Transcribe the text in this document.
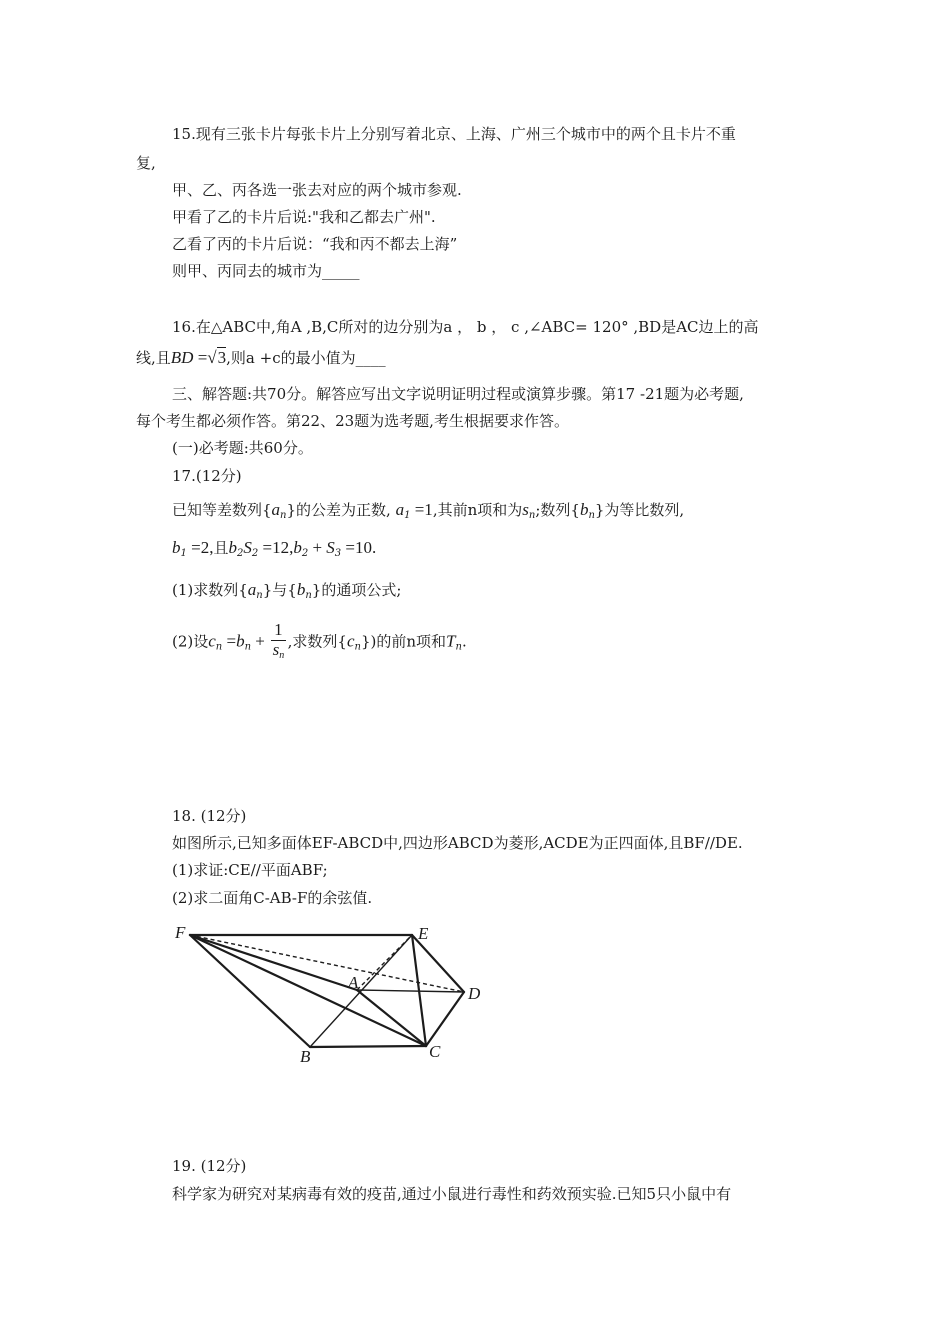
15.现有三张卡片每张卡片上分别写着北京、上海、广州三个城市中的两个且卡片不重
复,
甲、乙、丙各选一张去对应的两个城市参观.
甲看了乙的卡片后说:"我和乙都去广州".
乙看了丙的卡片后说：“我和丙不都去上海”
则甲、丙同去的城市为_____
16.在△ABC中,角A ,B,C所对的边分别为a ， b ， c ,∠ABC= 120° ,BD是AC边上的高
线,且BD =√3,则a +c的最小值为____
三、解答题:共70分。解答应写出文字说明证明过程或演算步骤。第17 -21题为必考题,
每个考生都必须作答。第22、23题为选考题,考生根据要求作答。
(一)必考题:共60分。
17.(12分)
已知等差数列$\{a_n\}$的公差为正数, $a_1 =1$,其前n项和为$s_n$;数列$\{b_n\}$为等比数列,
$b_1 =2$,且$b_2S_2 =12,b_2 + S_3 =10$.
(1)求数列$\{a_n\}$与$\{b_n\}$的通项公式;
(2)设$c_n =b_n + \frac{1}{s_n}$ ,求数列$\{c_n\}$)的前n项和$T_n$.
18. (12分)
如图所示,已知多面体EF-ABCD中,四边形ABCD为菱形,ACDE为正四面体,且BF//DE.
(1)求证:CE//平面ABF;
(2)求二面角C-AB-F的余弦值.
F	E
A
D
B	C
19. (12分)
科学家为研究对某病毒有效的疫苗,通过小鼠进行毒性和药效预实验.已知5只小鼠中有
